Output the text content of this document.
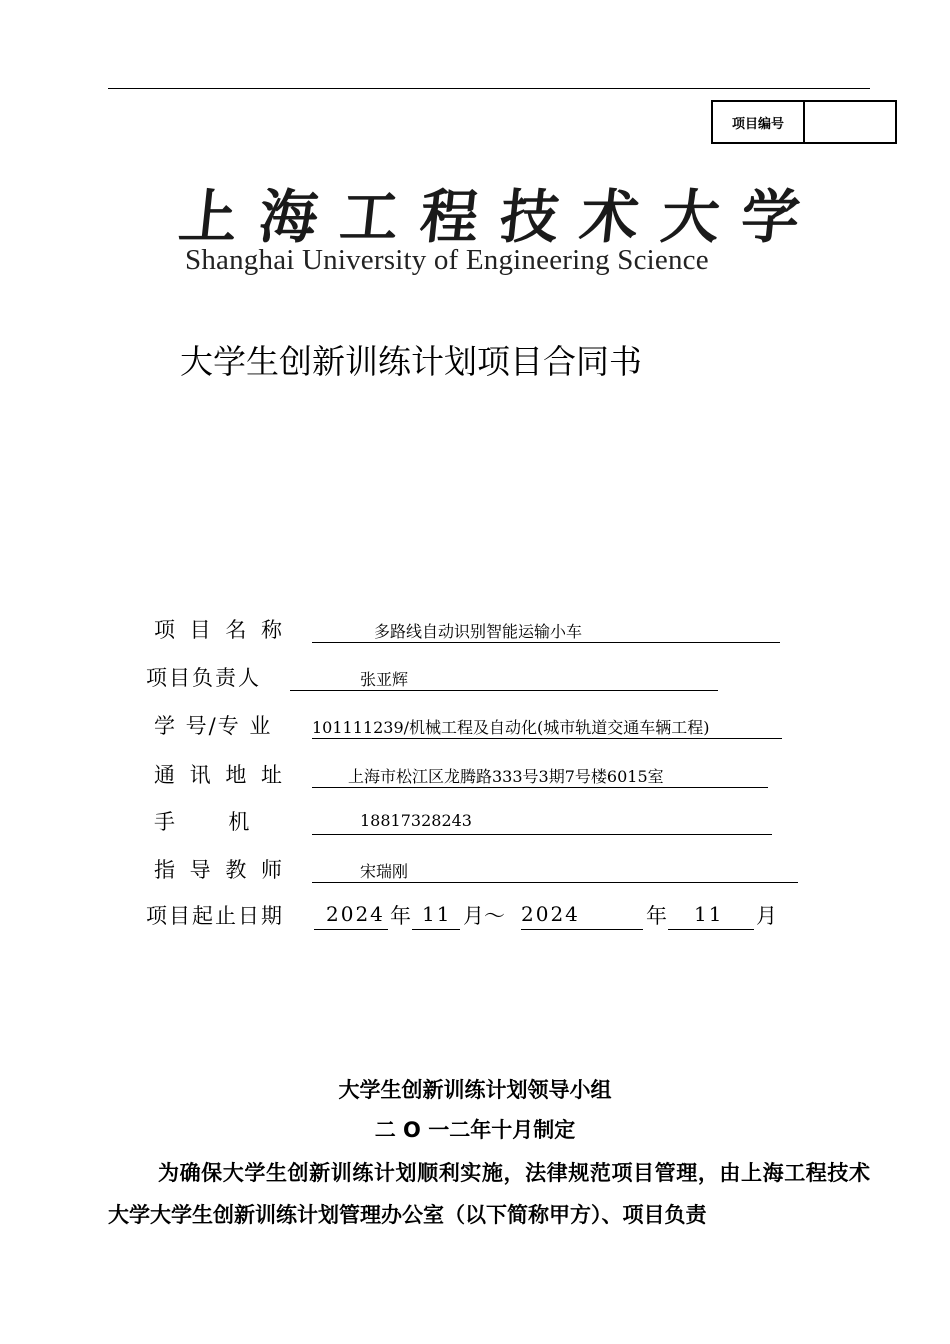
项目编号
上 海 工 程 技 术 大 学
Shanghai University of Engineering Science
大学生创新训练计划项目合同书
项 目 名 称	多路线自动识别智能运输小车
项目负责人	张亚辉
学 号/专 业 101111239/机械工程及自动化(城市轨道交通车辆工程)
通 讯 地 址	上海市松江区龙腾路333号3期7号楼6015室
手        机	18817328243
指 导 教 师	宋瑞刚
项目起止日期	2024 年 11 月～ 2024	年	11	月
大学生创新训练计划领导小组
二 O 一二年十月制定
为确保大学生创新训练计划顺利实施，法律规范项目管理，由上海工程技术大学大学生创新训练计划管理办公室（以下简称甲方）、项目负责
